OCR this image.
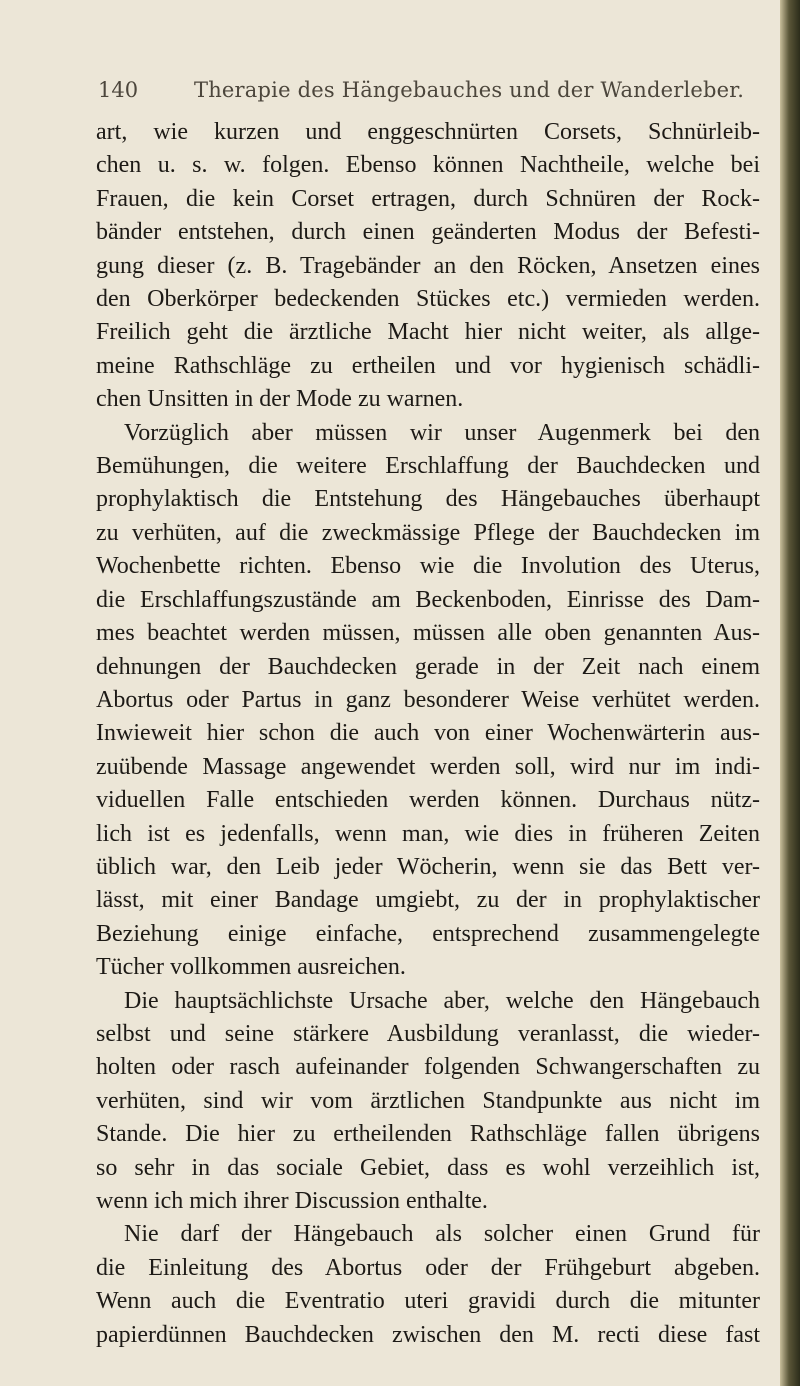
140	Therapie des Hängebauches und der Wanderleber.
art, wie kurzen und enggeschnürten Corsets, Schnürleib-
chen u. s. w. folgen. Ebenso können Nachtheile, welche bei
Frauen, die kein Corset ertragen, durch Schnüren der Rock-
bänder entstehen, durch einen geänderten Modus der Befesti-
gung dieser (z. B. Tragebänder an den Röcken, Ansetzen eines
den Oberkörper bedeckenden Stückes etc.) vermieden werden.
Freilich geht die ärztliche Macht hier nicht weiter, als allge-
meine Rathschläge zu ertheilen und vor hygienisch schädli-
chen Unsitten in der Mode zu warnen.
Vorzüglich aber müssen wir unser Augenmerk bei den
Bemühungen, die weitere Erschlaffung der Bauchdecken und
prophylaktisch die Entstehung des Hängebauches überhaupt
zu verhüten, auf die zweckmässige Pflege der Bauchdecken im
Wochenbette richten. Ebenso wie die Involution des Uterus,
die Erschlaffungszustände am Beckenboden, Einrisse des Dam-
mes beachtet werden müssen, müssen alle oben genannten Aus-
dehnungen der Bauchdecken gerade in der Zeit nach einem
Abortus oder Partus in ganz besonderer Weise verhütet werden.
Inwieweit hier schon die auch von einer Wochenwärterin aus-
zuübende Massage angewendet werden soll, wird nur im indi-
viduellen Falle entschieden werden können. Durchaus nütz-
lich ist es jedenfalls, wenn man, wie dies in früheren Zeiten
üblich war, den Leib jeder Wöcherin, wenn sie das Bett ver-
lässt, mit einer Bandage umgiebt, zu der in prophylaktischer
Beziehung einige einfache, entsprechend zusammengelegte
Tücher vollkommen ausreichen.
Die hauptsächlichste Ursache aber, welche den Hängebauch
selbst und seine stärkere Ausbildung veranlasst, die wieder-
holten oder rasch aufeinander folgenden Schwangerschaften zu
verhüten, sind wir vom ärztlichen Standpunkte aus nicht im
Stande. Die hier zu ertheilenden Rathschläge fallen übrigens
so sehr in das sociale Gebiet, dass es wohl verzeihlich ist,
wenn ich mich ihrer Discussion enthalte.
Nie darf der Hängebauch als solcher einen Grund für
die Einleitung des Abortus oder der Frühgeburt abgeben.
Wenn auch die Eventratio uteri gravidi durch die mitunter
papierdünnen Bauchdecken zwischen den M. recti diese fast
